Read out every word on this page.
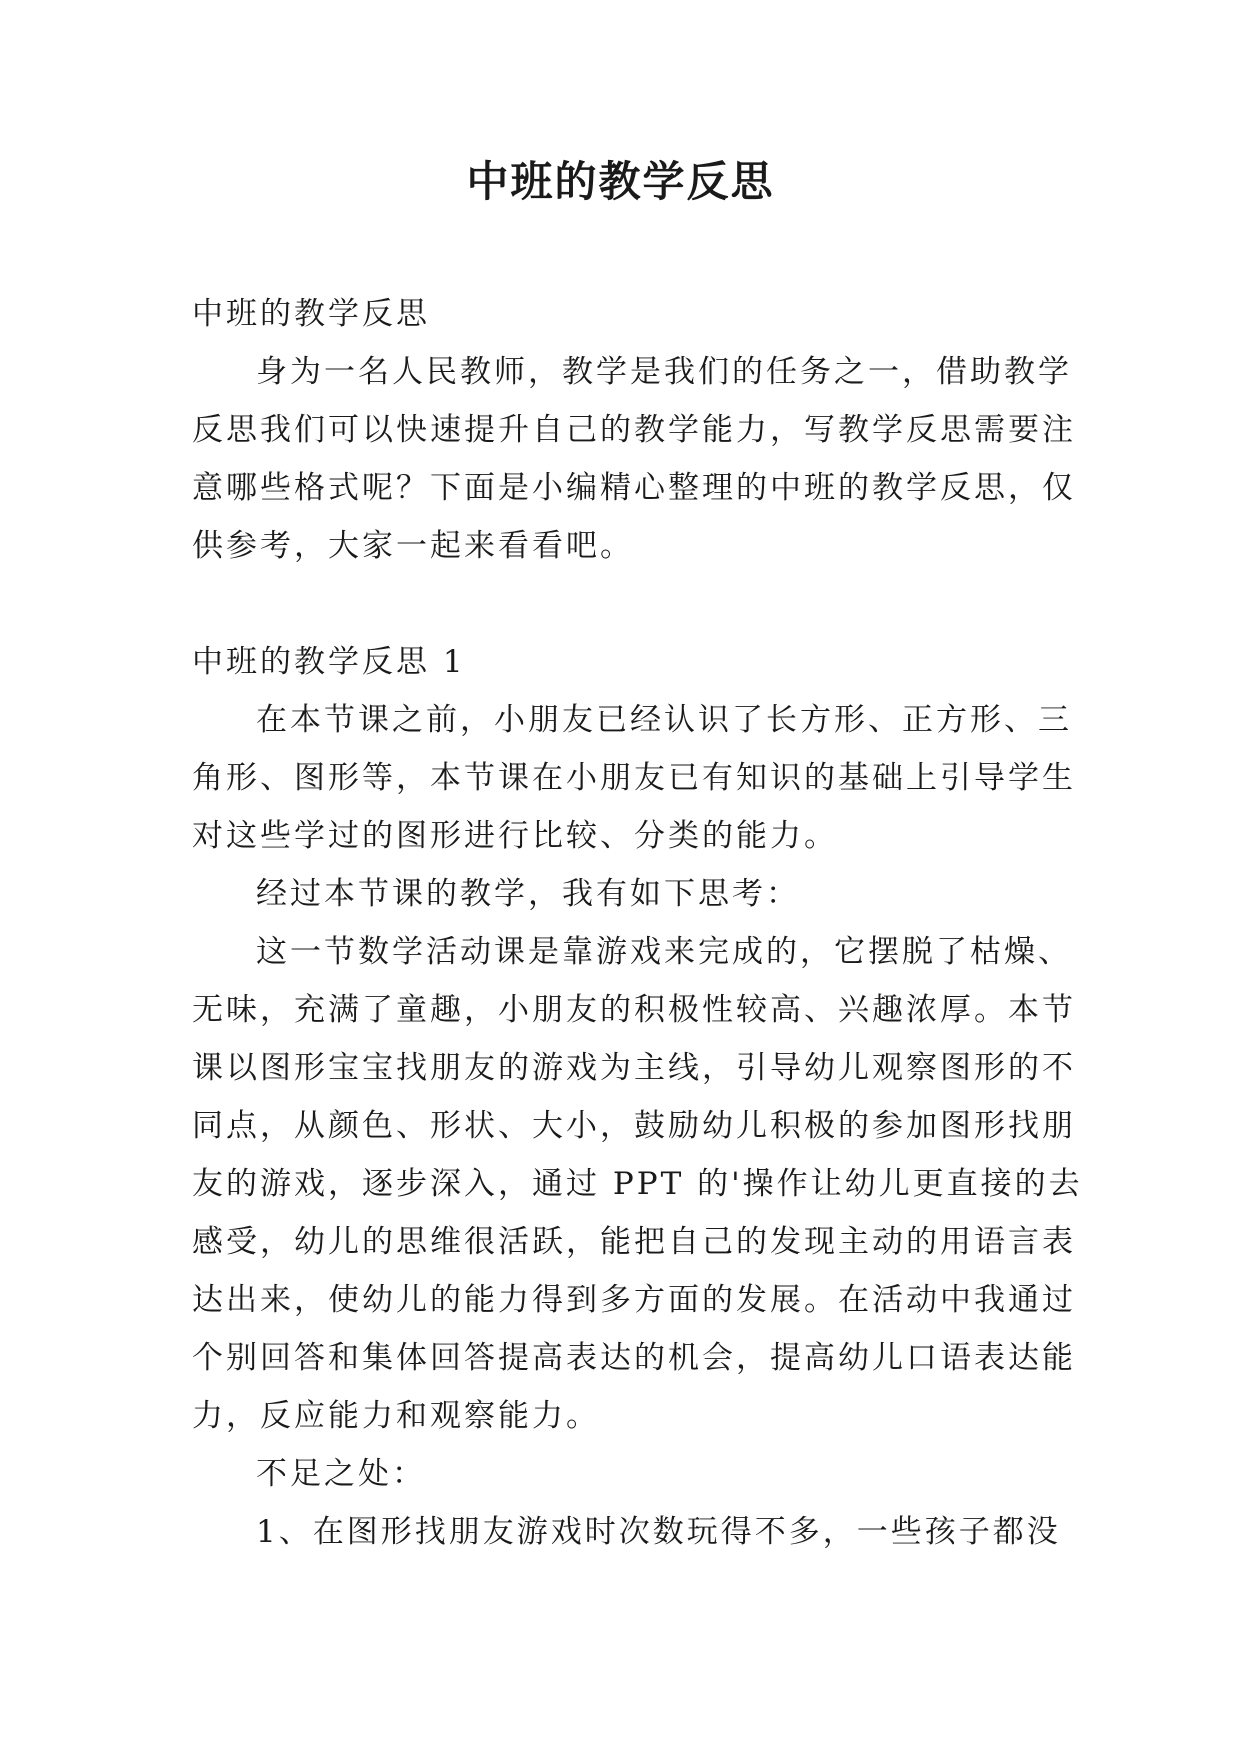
中班的教学反思
中班的教学反思
身为一名人民教师，教学是我们的任务之一，借助教学
反思我们可以快速提升自己的教学能力，写教学反思需要注
意哪些格式呢？下面是小编精心整理的中班的教学反思，仅
供参考，大家一起来看看吧。
中班的教学反思 1
在本节课之前，小朋友已经认识了长方形、正方形、三
角形、图形等，本节课在小朋友已有知识的基础上引导学生
对这些学过的图形进行比较、分类的能力。
经过本节课的教学，我有如下思考：
这一节数学活动课是靠游戏来完成的，它摆脱了枯燥、
无味，充满了童趣，小朋友的积极性较高、兴趣浓厚。本节
课以图形宝宝找朋友的游戏为主线，引导幼儿观察图形的不
同点，从颜色、形状、大小，鼓励幼儿积极的参加图形找朋
友的游戏，逐步深入，通过 PPT 的'操作让幼儿更直接的去
感受，幼儿的思维很活跃，能把自己的发现主动的用语言表
达出来，使幼儿的能力得到多方面的发展。在活动中我通过
个别回答和集体回答提高表达的机会，提高幼儿口语表达能
力，反应能力和观察能力。
不足之处：
1、在图形找朋友游戏时次数玩得不多，一些孩子都没
